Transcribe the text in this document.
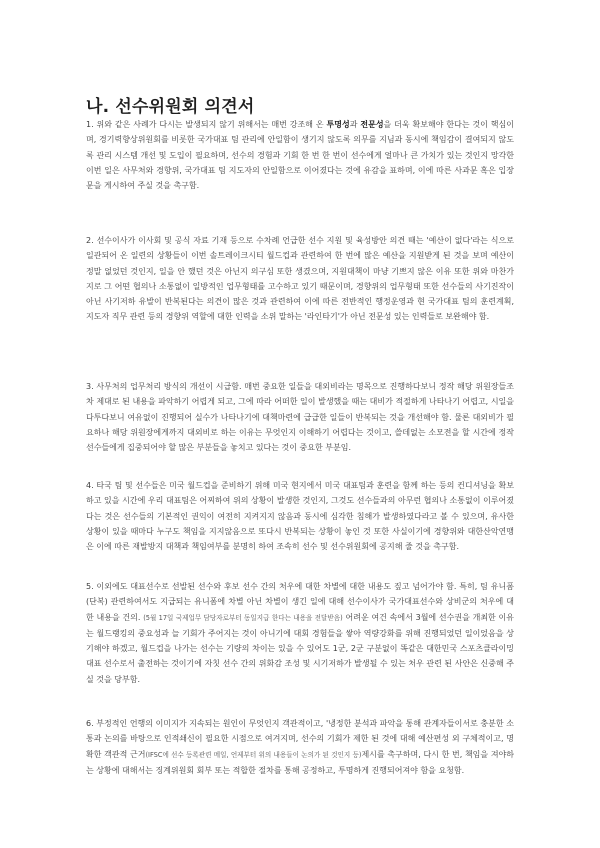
나. 선수위원회 의견서

1. 위와 같은 사례가 다시는 발생되지 않기 위해서는 매번 강조해 온 투명성과 전문성을 더욱 확보해야 한다는 것이 핵심이며, 경기력향상위원회를 비롯한 국가대표 팀 관리에 안일함이 생기지 않도록 의무를 지님과 동시에 책임감이 결여되지 않도록 관리 시스템 개선 및 도입이 필요하며, 선수의 경험과 기회 한 번 한 번이 선수에게 얼마나 큰 가치가 있는 것인지 망각한 이번 일은 사무처와 경향위, 국가대표 팀 지도자의 안일함으로 이어졌다는 것에 유감을 표하며, 이에 따른 사과문 혹은 입장문을 게시하여 주실 것을 촉구함.

2. 선수이사가 이사회 및 공식 자료 기재 등으로 수차례 언급한 선수 지원 및 육성방안 의견 때는 '예산이 없다'라는 식으로 일관되어 온 일련의 상황들이 이번 솔트레이크시티 월드컵과 관련하여 한 번에 많은 예산을 지원받게 된 것을 보며 예산이 정말 없었던 것인지, 일을 안 했던 것은 아닌지 의구심 또한 생겼으며, 지원대책이 마냥 기쁘지 않은 이유 또한 위와 마찬가지로 그 어떤 협의나 소통없이 일방적인 업무형태를 고수하고 있기 때문이며, 경향위의 업무형태 또한 선수들의 사기진작이 아닌 사기저하 유발이 반복된다는 의견이 많은 것과 관련하여 이에 따른 전반적인 행정운영과 현 국가대표 팀의 훈련계획, 지도자 직무 관련 등의 경향위 역할에 대한 인력을 소위 말하는 '라인타기'가 아닌 전문성 있는 인력들로 보완해야 함.

3. 사무처의 업무처리 방식의 개선이 시급함. 매번 중요한 일들을 대외비라는 명목으로 진행하다보니 정작 해당 위원장들조차 제대로 된 내용을 파악하기 어렵게 되고, 그에 따라 어떠한 일이 발생했을 때는 대비가 적절하게 나타나기 어렵고, 시일을 다투다보니 여유없이 진행되어 실수가 나타나기에 대책마련에 급급한 일들이 반복되는 것을 개선해야 함. 물론 대외비가 필요하나 해당 위원장에게까지 대외비로 하는 이유는 무엇인지 이해하기 어렵다는 것이고, 쓸데없는 소모전을 할 시간에 정작 선수들에게 집중되어야 할 많은 부분들을 놓치고 있다는 것이 중요한 부분임.

4. 타국 팀 및 선수들은 미국 월드컵을 준비하기 위해 미국 현지에서 미국 대표팀과 훈련을 함께 하는 등의 컨디셔닝을 확보하고 있을 시간에 우리 대표팀은 어찌하여 위의 상황이 발생한 것인지, 그것도 선수들과의 아무런 협의나 소통없이 이루어졌다는 것은 선수들의 기본적인 권익이 여전히 지켜지지 않음과 동시에 심각한 침해가 발생하였다라고 볼 수 있으며, 유사한 상황이 있을 때마다 누구도 책임을 지지않음으로 또다시 반복되는 상황이 놓인 것 또한 사실이기에 경향위와 대한산악연맹은 이에 따른 재발방지 대책과 책임여부를 분명히 하여 조속히 선수 및 선수위원회에 공지해 줄 것을 촉구함.

5. 이외에도 대표선수로 선발된 선수와 후보 선수 간의 처우에 대한 차별에 대한 내용도 짚고 넘어가야 함. 특히, 팀 유니폼(단복) 관련하여서도 지급되는 유니폼에 차별 아닌 차별이 생긴 일에 대해 선수이사가 국가대표선수와 상비군의 처우에 대한 내용을 건의. (5월 17일 국제업무 담당자로부터 동일지급 한다는 내용을 전달받음) 어려운 여건 속에서 3월에 선수권을 개최한 이유는 월드랭킹의 중요성과 늘 기회가 주어지는 것이 아니기에 대회 경험들을 쌓아 역량강화를 위해 진행되었던 일이었음을 상기해야 하겠고, 월드컵을 나가는 선수는 기량의 차이는 있을 수 있어도 1군, 2군 구분없이 똑같은 대한민국 스포츠클라이밍 대표 선수로서 출전하는 것이기에 자칫 선수 간의 위화감 조성 및 시기저하가 발생될 수 있는 처우 관련 된 사안은 신중해 주실 것을 당부함.

6. 부정적인 언행의 이미지가 지속되는 원인이 무엇인지 객관적이고, '냉정한 분석과 파악을 통해 관계자들이서로 충분한 소통과 논의를 바탕으로 인적쇄신이 필요한 시점으로 여겨지며, 선수의 기회가 제한 된 것에 대해 예산편성 외 구체적이고, 명확한 객관적 근거(IFSC에 선수 등록관련 메일, 언제부터 위의 내용들이 논의가 된 것인지 등)제시를 촉구하며, 다시 한 번, 책임을 져야하는 상황에 대해서는 징계위원회 회부 또는 적합한 절차를 통해 공정하고, 투명하게 진행되어져야 함을 요청함.
